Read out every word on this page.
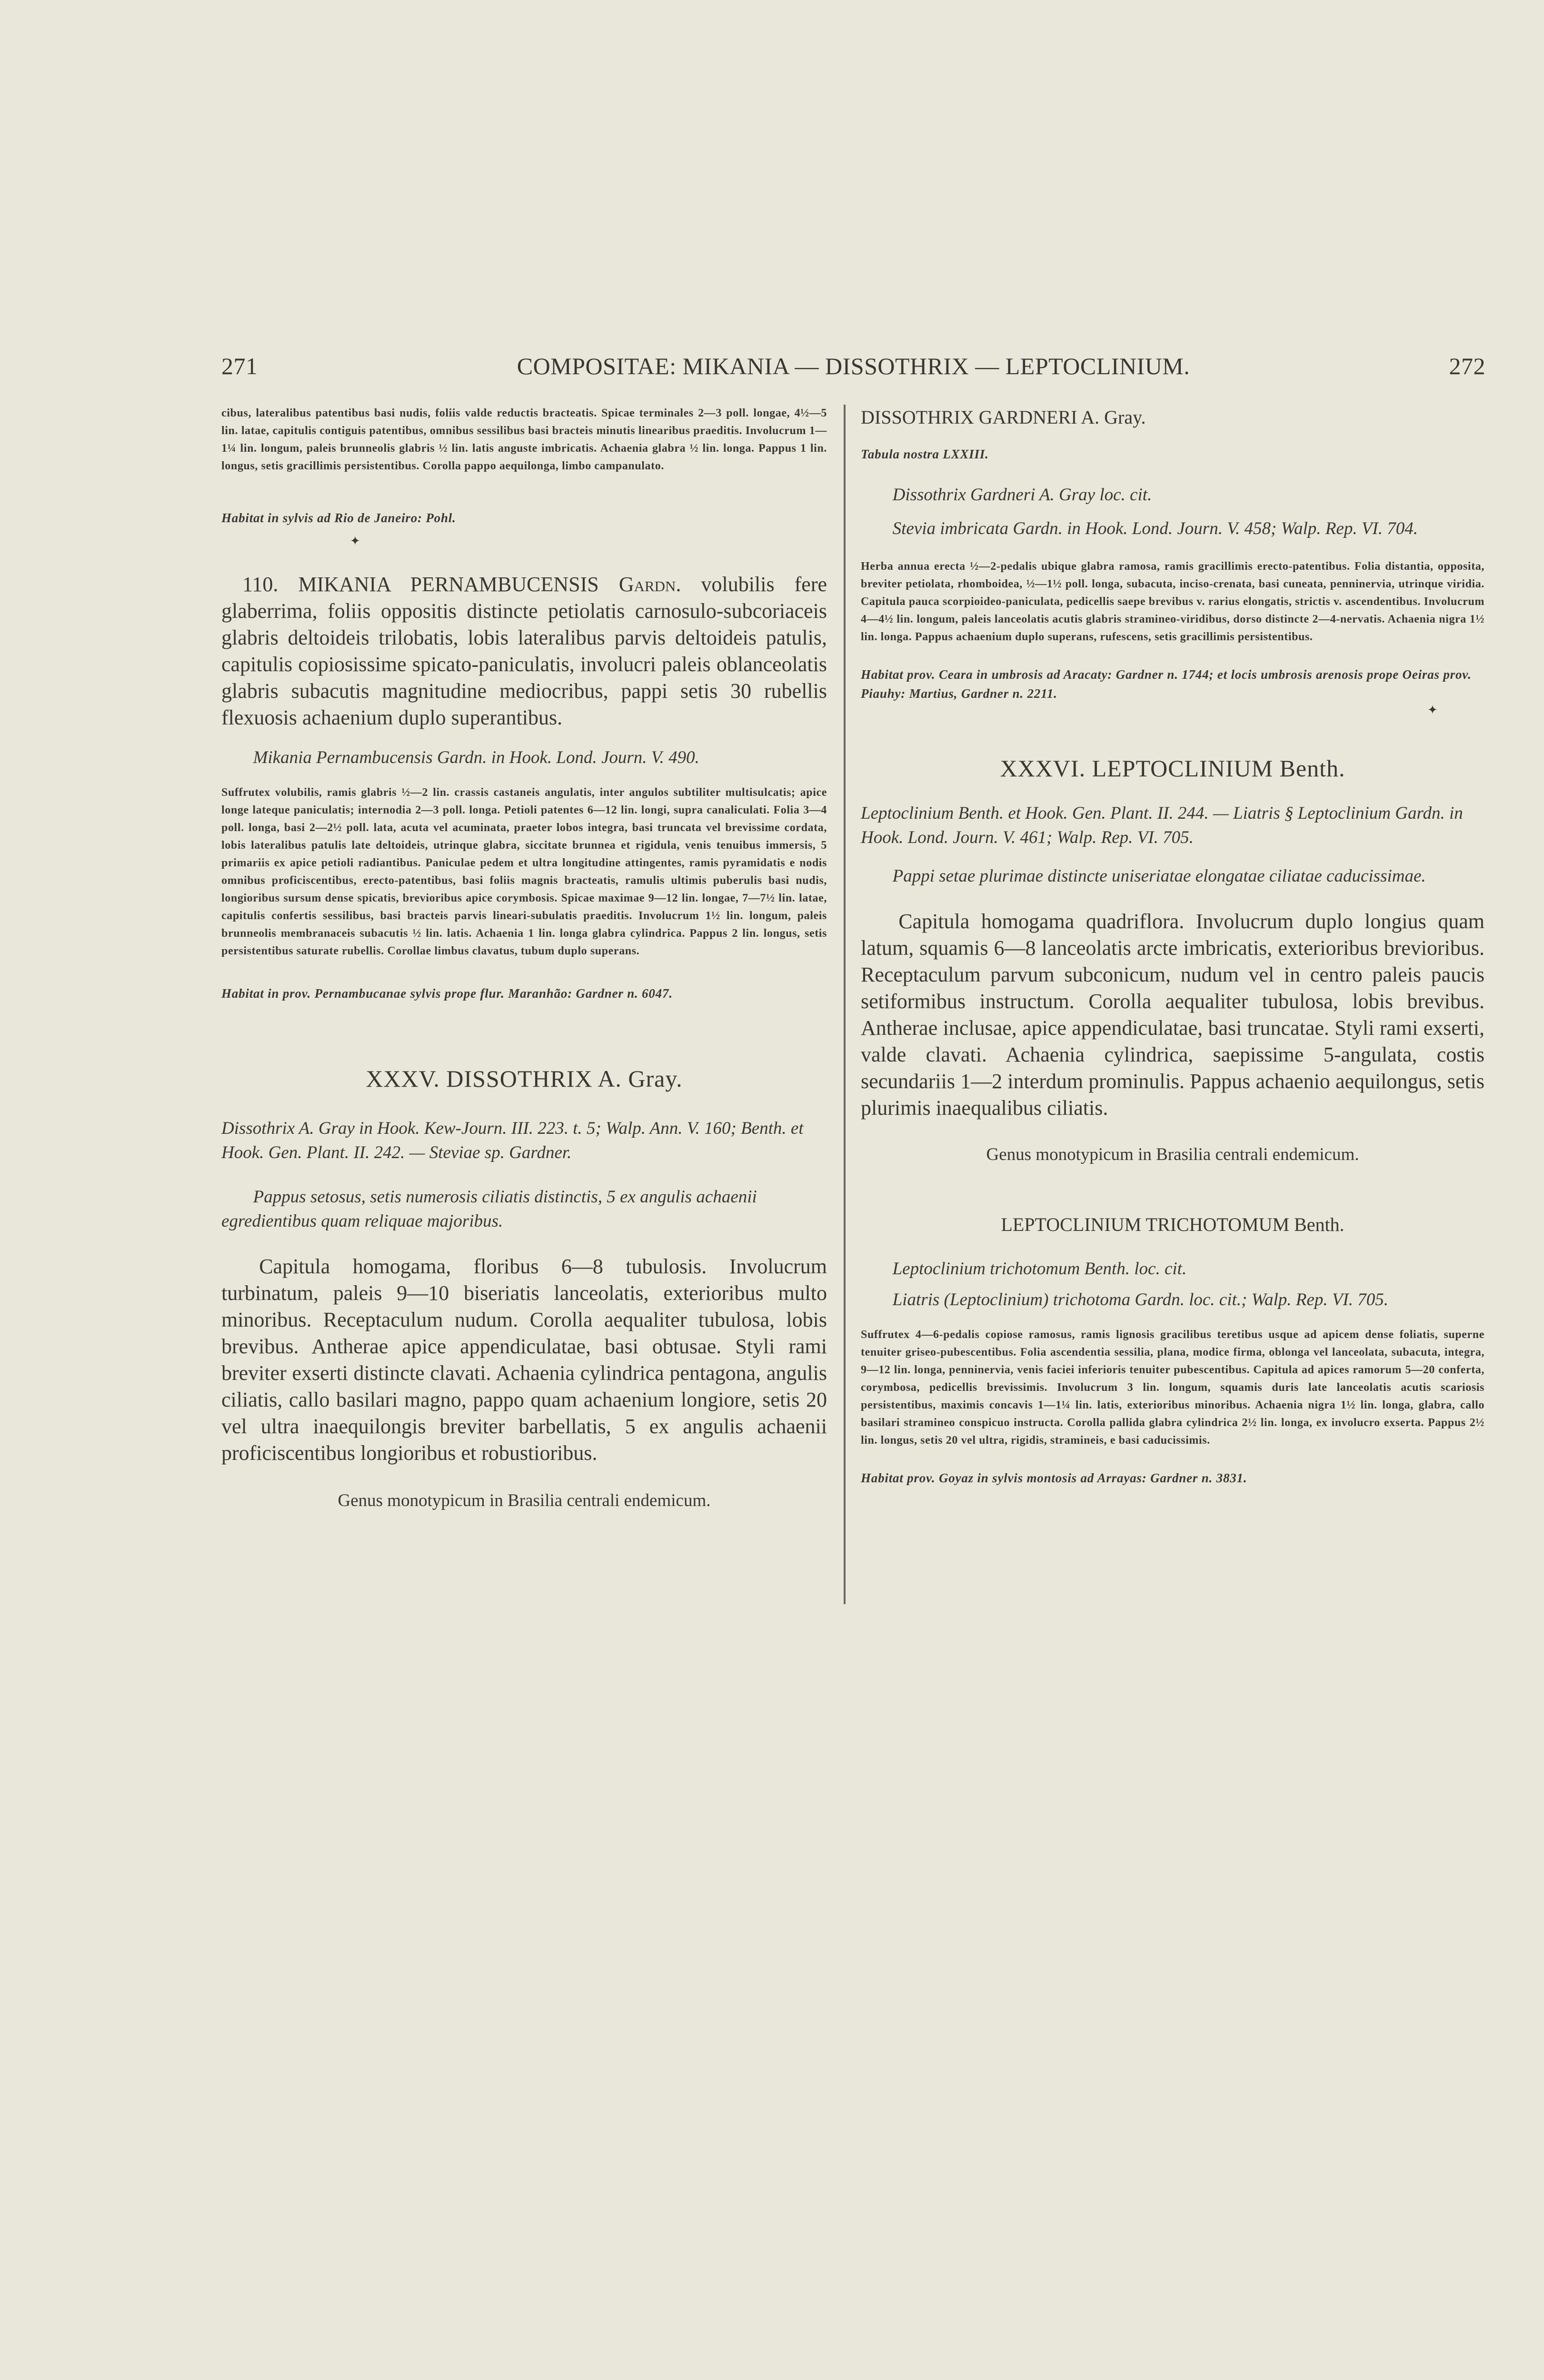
271	COMPOSITAE: MIKANIA — DISSOTHRIX — LEPTOCLINIUM.	272

cibus, lateralibus patentibus basi nudis, foliis valde reductis bracteatis. Spicae terminales 2—3 poll. longae, 4½—5 lin. latae, capitulis contiguis patentibus, omnibus sessilibus basi bracteis minutis linearibus praeditis. Involucrum 1—1¼ lin. longum, paleis brunneolis glabris ½ lin. latis anguste imbricatis. Achaenia glabra ½ lin. longa. Pappus 1 lin. longus, setis gracillimis persistentibus. Corolla pappo aequilonga, limbo campanulato.

Habitat in sylvis ad Rio de Janeiro: Pohl.

✦

110. MIKANIA PERNAMBUCENSIS Gardn. volubilis fere glaberrima, foliis oppositis distincte petiolatis carnosulo-subcoriaceis glabris deltoideis trilobatis, lobis lateralibus parvis deltoideis patulis, capitulis copiosissime spicato-paniculatis, involucri paleis oblanceolatis glabris subacutis magnitudine mediocribus, pappi setis 30 rubellis flexuosis achaenium duplo superantibus.

Mikania Pernambucensis Gardn. in Hook. Lond. Journ. V. 490.

Suffrutex volubilis, ramis glabris ½—2 lin. crassis castaneis angulatis, inter angulos subtiliter multisulcatis; apice longe lateque paniculatis; internodia 2—3 poll. longa. Petioli patentes 6—12 lin. longi, supra canaliculati. Folia 3—4 poll. longa, basi 2—2½ poll. lata, acuta vel acuminata, praeter lobos integra, basi truncata vel brevissime cordata, lobis lateralibus patulis late deltoideis, utrinque glabra, siccitate brunnea et rigidula, venis tenuibus immersis, 5 primariis ex apice petioli radiantibus. Paniculae pedem et ultra longitudine attingentes, ramis pyramidatis e nodis omnibus proficiscentibus, erecto-patentibus, basi foliis magnis bracteatis, ramulis ultimis puberulis basi nudis, longioribus sursum dense spicatis, brevioribus apice corymbosis. Spicae maximae 9—12 lin. longae, 7—7½ lin. latae, capitulis confertis sessilibus, basi bracteis parvis lineari-subulatis praeditis. Involucrum 1½ lin. longum, paleis brunneolis membranaceis subacutis ½ lin. latis. Achaenia 1 lin. longa glabra cylindrica. Pappus 2 lin. longus, setis persistentibus saturate rubellis. Corollae limbus clavatus, tubum duplo superans.

Habitat in prov. Pernambucanae sylvis prope flur. Maranhão: Gardner n. 6047.

XXXV. DISSOTHRIX A. Gray.

Dissothrix A. Gray in Hook. Kew-Journ. III. 223. t. 5; Walp. Ann. V. 160; Benth. et Hook. Gen. Plant. II. 242. — Steviae sp. Gardner.

Pappus setosus, setis numerosis ciliatis distinctis, 5 ex angulis achaenii egredientibus quam reliquae majoribus.

Capitula homogama, floribus 6—8 tubulosis. Involucrum turbinatum, paleis 9—10 biseriatis lanceolatis, exterioribus multo minoribus. Receptaculum nudum. Corolla aequaliter tubulosa, lobis brevibus. Antherae apice appendiculatae, basi obtusae. Styli rami breviter exserti distincte clavati. Achaenia cylindrica pentagona, angulis ciliatis, callo basilari magno, pappo quam achaenium longiore, setis 20 vel ultra inaequilongis breviter barbellatis, 5 ex angulis achaenii proficiscentibus longioribus et robustioribus.

Genus monotypicum in Brasilia centrali endemicum.

DISSOTHRIX GARDNERI A. Gray.

Tabula nostra LXXIII.

Dissothrix Gardneri A. Gray loc. cit.

Stevia imbricata Gardn. in Hook. Lond. Journ. V. 458; Walp. Rep. VI. 704.

Herba annua erecta ½—2-pedalis ubique glabra ramosa, ramis gracillimis erecto-patentibus. Folia distantia, opposita, breviter petiolata, rhomboidea, ½—1½ poll. longa, subacuta, inciso-crenata, basi cuneata, penninervia, utrinque viridia. Capitula pauca scorpioideo-paniculata, pedicellis saepe brevibus v. rarius elongatis, strictis v. ascendentibus. Involucrum 4—4½ lin. longum, paleis lanceolatis acutis glabris stramineo-viridibus, dorso distincte 2—4-nervatis. Achaenia nigra 1½ lin. longa. Pappus achaenium duplo superans, rufescens, setis gracillimis persistentibus.

Habitat prov. Ceara in umbrosis ad Aracaty: Gardner n. 1744; et locis umbrosis arenosis prope Oeiras prov. Piauhy: Martius, Gardner n. 2211.

✦

XXXVI. LEPTOCLINIUM Benth.

Leptoclinium Benth. et Hook. Gen. Plant. II. 244. — Liatris § Leptoclinium Gardn. in Hook. Lond. Journ. V. 461; Walp. Rep. VI. 705.

Pappi setae plurimae distincte uniseriatae elongatae ciliatae caducissimae.

Capitula homogama quadriflora. Involucrum duplo longius quam latum, squamis 6—8 lanceolatis arcte imbricatis, exterioribus brevioribus. Receptaculum parvum subconicum, nudum vel in centro paleis paucis setiformibus instructum. Corolla aequaliter tubulosa, lobis brevibus. Antherae inclusae, apice appendiculatae, basi truncatae. Styli rami exserti, valde clavati. Achaenia cylindrica, saepissime 5-angulata, costis secundariis 1—2 interdum prominulis. Pappus achaenio aequilongus, setis plurimis inaequalibus ciliatis.

Genus monotypicum in Brasilia centrali endemicum.

LEPTOCLINIUM TRICHOTOMUM Benth.

Leptoclinium trichotomum Benth. loc. cit.

Liatris (Leptoclinium) trichotoma Gardn. loc. cit.; Walp. Rep. VI. 705.

Suffrutex 4—6-pedalis copiose ramosus, ramis lignosis gracilibus teretibus usque ad apicem dense foliatis, superne tenuiter griseo-pubescentibus. Folia ascendentia sessilia, plana, modice firma, oblonga vel lanceolata, subacuta, integra, 9—12 lin. longa, penninervia, venis faciei inferioris tenuiter pubescentibus. Capitula ad apices ramorum 5—20 conferta, corymbosa, pedicellis brevissimis. Involucrum 3 lin. longum, squamis duris late lanceolatis acutis scariosis persistentibus, maximis concavis 1—1¼ lin. latis, exterioribus minoribus. Achaenia nigra 1½ lin. longa, glabra, callo basilari stramineo conspicuo instructa. Corolla pallida glabra cylindrica 2½ lin. longa, ex involucro exserta. Pappus 2½ lin. longus, setis 20 vel ultra, rigidis, stramineis, e basi caducissimis.

Habitat prov. Goyaz in sylvis montosis ad Arrayas: Gardner n. 3831.
